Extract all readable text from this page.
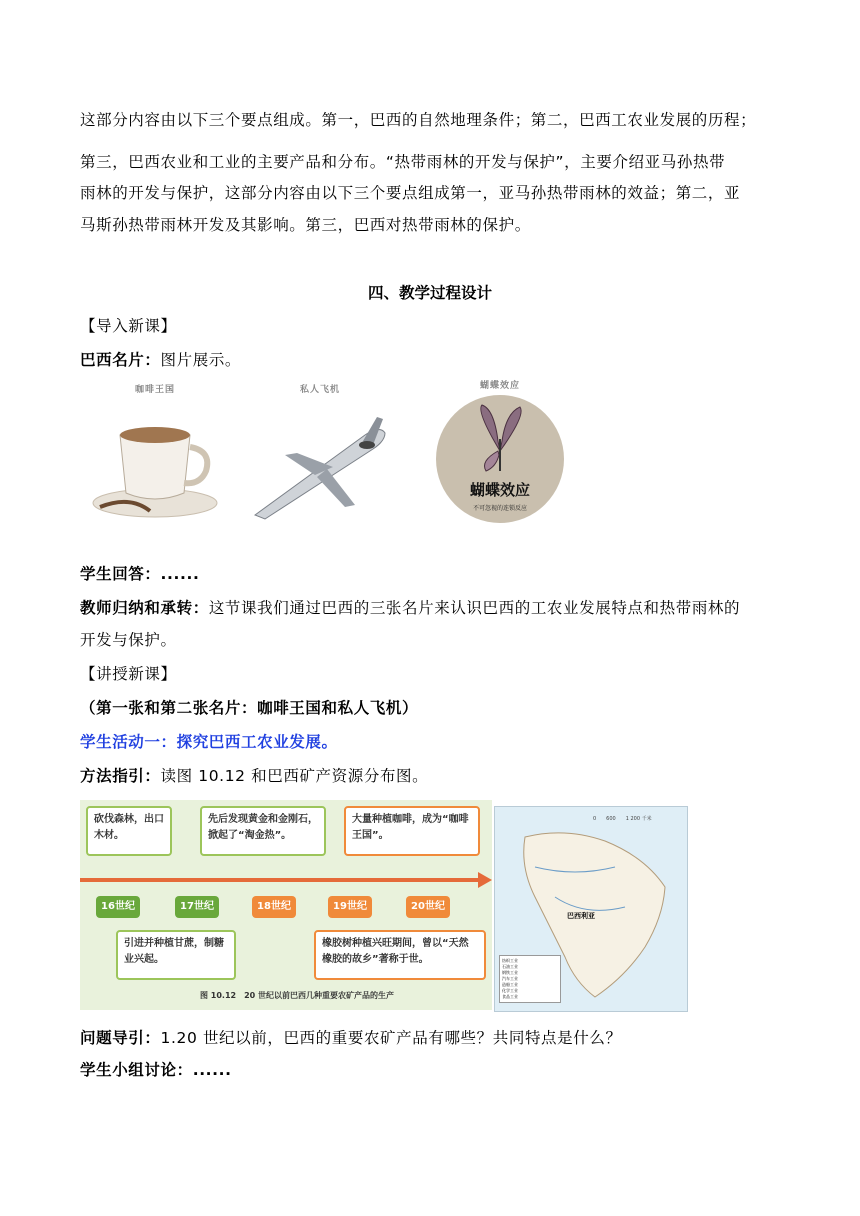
这部分内容由以下三个要点组成。第一，巴西的自然地理条件；第二，巴西工农业发展的历程；
第三，巴西农业和工业的主要产品和分布。“热带雨林的开发与保护”，主要介绍亚马孙热带
雨林的开发与保护，这部分内容由以下三个要点组成第一，亚马孙热带雨林的效益；第二，亚
马斯孙热带雨林开发及其影响。第三，巴西对热带雨林的保护。
四、教学过程设计
【导入新课】
巴西名片：图片展示。
咖啡王国	私人飞机	蝴蝶效应
蝴蝶效应
不可忽视的连锁反应
学生回答：......
教师归纳和承转：这节课我们通过巴西的三张名片来认识巴西的工农业发展特点和热带雨林的
开发与保护。
【讲授新课】
（第一张和第二张名片：咖啡王国和私人飞机）
学生活动一：探究巴西工农业发展。
方法指引：读图 10.12 和巴西矿产资源分布图。
砍伐森林，出口木材。
先后发现黄金和金刚石，掀起了“淘金热”。
大量种植咖啡，成为“咖啡王国”。
16世纪	17世纪	18世纪	19世纪	20世纪
引进并种植甘蔗，制糖业兴起。
橡胶树种植兴旺期间，曾以“天然橡胶的故乡”著称于世。
图 10.12　20 世纪以前巴西几种重要农矿产品的生产
0　　600　　1 200 千米
巴西利亚
纺织工业
石油工业
钢铁工业
汽车工业
造船工业
化学工业
食品工业
问题导引：1.20 世纪以前，巴西的重要农矿产品有哪些？共同特点是什么？
学生小组讨论：......
